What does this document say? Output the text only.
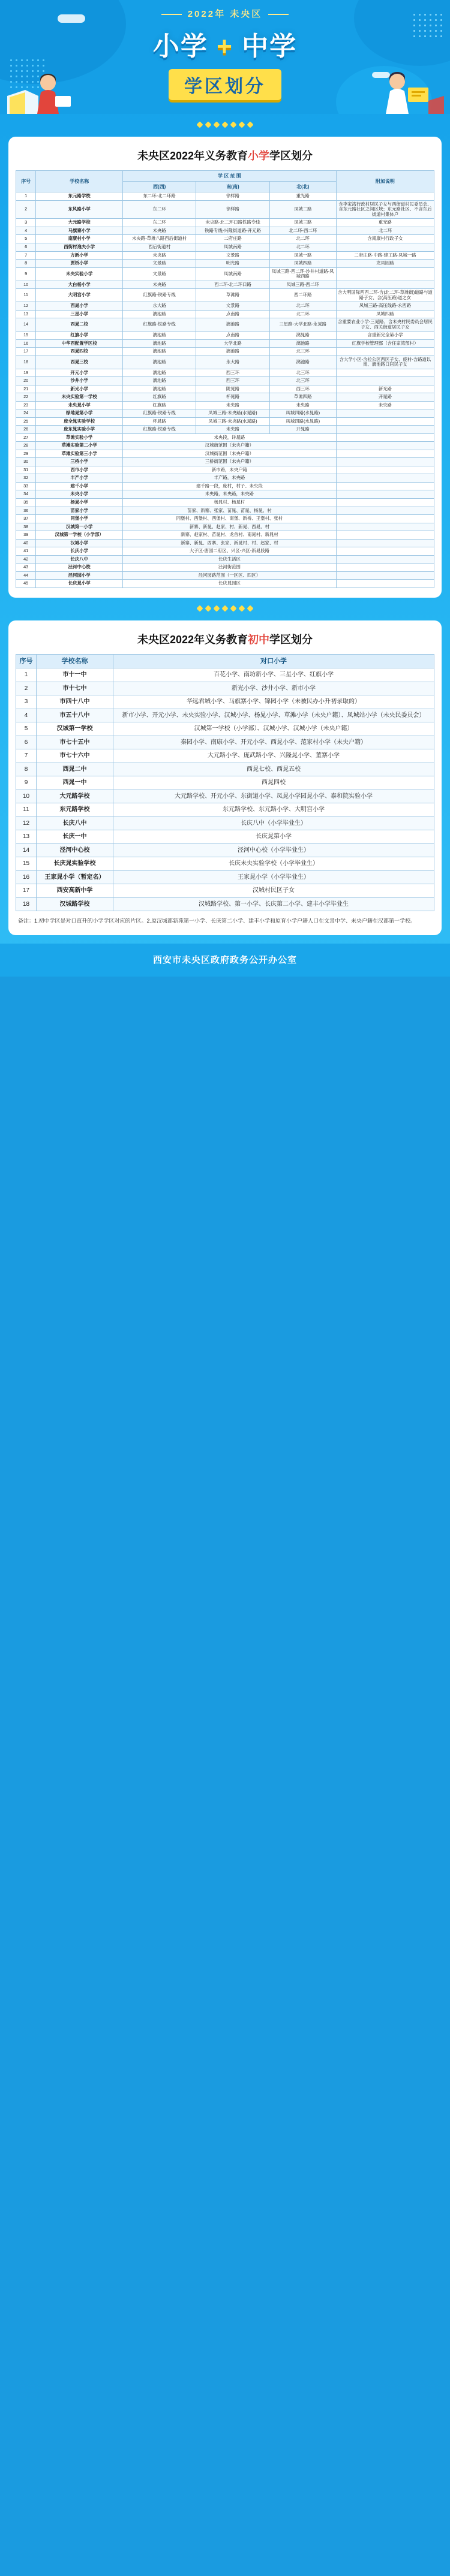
2022年 未央区
小学 + 中学
学区划分
未央区2022年义务教育小学学区划分
序号	学校名称	学 区 范 围			附加说明
		西(西)	南(南)	北(北)	
1	东元路学校	东二环-北二环路	徐样路	重光路	
2	东风路小学	东二环	徐样路	凤城二路	含李家湾行政村居民子女与西街道村民委员会、含东元路社区之间区域；东元路社区、不含东后街道村集体户
3	大元路学校	东二环	未央路-北二环口路铁路专线	凤城三路	重光路
4	马旗寨小学	未央路	铁路专线-兴隆街道路-开元路	北二环-西二环	北二环
5	南康村小学	未央路-草滩八路西后街道村	二府庄路	北二环	含南康村行政子女
6	西街村逸夫小学	西后街道村	凤城南路	北二环	
7	方新小学	未央路	文景路	凤城一路	二府庄路-中路-建工路-凤城一路
8	贾桥小学	文景路	明光路	凤城四路	龙凤园路
9	未央实验小学	文景路	凤城南路	凤城三路-西二环-沙井村道路-凤城西路	
10	大白杨小学	未央路	西二环-北二环口路	凤城三路-西二环	
11	大明宫小学	红旗路-铁路专线	草滩路	西二环路	含大明国际西西二环-含(北二环-草滩街)道路与道路子女、含(高压路)道之女
12	西晁小学	永大路	文景路	北二环	凤城三路-高压线路-永西路
13	三星小学	漓池路	点南路	北二环	凤城四路
14	西晁二校	红旗路-铁路专线	漓池路	三星路-大学北路-永晁路	含重要农业小学-三晁路、含未央村民委员会居民子女、西关街道居民子女
15	红旗小学	漓池路	点南路	漓晁路	含重新完全第小学
16	中华西配置学区校	漓池路	大学北路	漓池路	红旗学校管理部（含任家湾部村）
17	西晁四校	漓池路	漓池路	北三环	
18	西晁三校	漓池路	永大路	漓池路	含大学小区-含拉公区西区子女、庞村-含路道以南、漓池路口居民子女
19	开元小学	漓池路	西三环	北三环	
20	沙井小学	漓池路	西三环	北三环	
21	新光小学	漓池路	陇晁路	西三环	新光路
22	未央实验第一学校	红旗路	杯晁路	草滩四路	开晁路
23	未央晁小学	红旗路	未央路	未央路	未央路
24	绿地晁第小学	红旗路-铁路专线	凤城三路-未央路(水晁路)	凤城四路(水晁路)	
25	庞全晁实验学校	杯晁路	凤城三路-未央路(水晁路)	凤城四路(水晁路)	
26	庞东晁实验小学	红旗路-铁路专线	未央路	开晁路	
27	草滩实验小学	未央段，详晁路			
28	草滩实验第二小学	汉城街范围（未央户籍）			
29	草滩实验第三小学	汉城街范围（未央户籍）			
30	三桥小学	三桥街范围（未央户籍）			
31	西市小学	新市路，未央户籍			
32	丰产小学	丰产路，未央路			
33	建千小学	建千路一段，庞村，村子、未央段			
34	未央小学	未央路，未央路，未央路			
35	杨晁小学	杨晁村、杨晁村			
36	苗家小学	苗家、新寨、张家、苗晁、苗晁、杨晁、村			
37	同堡小学	同堡村、西堡村、西堡村、南堡、新桥、王堡村、张村			
38	汉城第一小学	新寨、新晁、赵家、村、新晁、西晁、村			
39	汉城第一学校（小学部）	新寨、赵家村、苗晁村、龙首村、南晁村、新晁村			
40	汉城小学	新寨、新晁、西寨、张家、新晁村、村、赵家、村			
41	长庆小学	大子区-唐园二府区、兴区-兴区-新晁段路			
42	长庆八中	长庆生活区			
43	泾河中心校	泾河街范围			
44	泾河园小学	泾河园路范围（一区区、四区）			
45	长庆晁小学	长庆晁园区			
未央区2022年义务教育初中学区划分
序号	学校名称	对口小学
1	市十一中	百花小学、南坊新小学、三星小学、红旗小学
2	市十七中	新光小学、沙井小学、新市小学
3	市四十八中	华远君城小学、马旗寨小学、锦园小学（未被民办小升初录取的）
4	市五十八中	新市小学、开元小学、未央实验小学、汉城小学、杨晁小学、草滩小学（未央户籍）、凤城站小学（未央民委员会）
5	汉城第一学校	汉城第一学校（小学部）、汉城小学、汉城小学（未央户籍）
6	市七十五中	秦园小学、南康小学、开元小学、西晁小学、范家村小学（未央户籍）
7	市七十六中	大元路小学、庞武路小学、兴隆晁小学、董寨小学
8	西晁二中	西晁七校、西晁五校
9	西晁一中	西晁四校
10	大元路学校	大元路学校、开元小学、东街道小学、凤晁小学园晁小学、泰和院实验小学
11	东元路学校	东元路学校、东元路小学、大明宫小学
12	长庆八中	长庆八中（小学毕业生）
13	长庆一中	长庆晁第小学
14	泾河中心校	泾河中心校（小学毕业生）
15	长庆晁实验学校	长庆未央实验学校（小学毕业生）
16	王家晁小学（暂定名）	王家晁小学（小学毕业生）
17	西安高新中学	汉城村民区子女
18	汉城路学校	汉城路学校、第一小学、长庆第二小学、建丰小学毕业生
备注：1.初中学区是对口直升的小学学区对应的片区。2.原汉城都新苑第一小学、长庆第二小学、建丰小学和原育小学户籍人口在文景中学、未央户籍在汉都第一学校。
西安市未央区政府政务公开办公室
